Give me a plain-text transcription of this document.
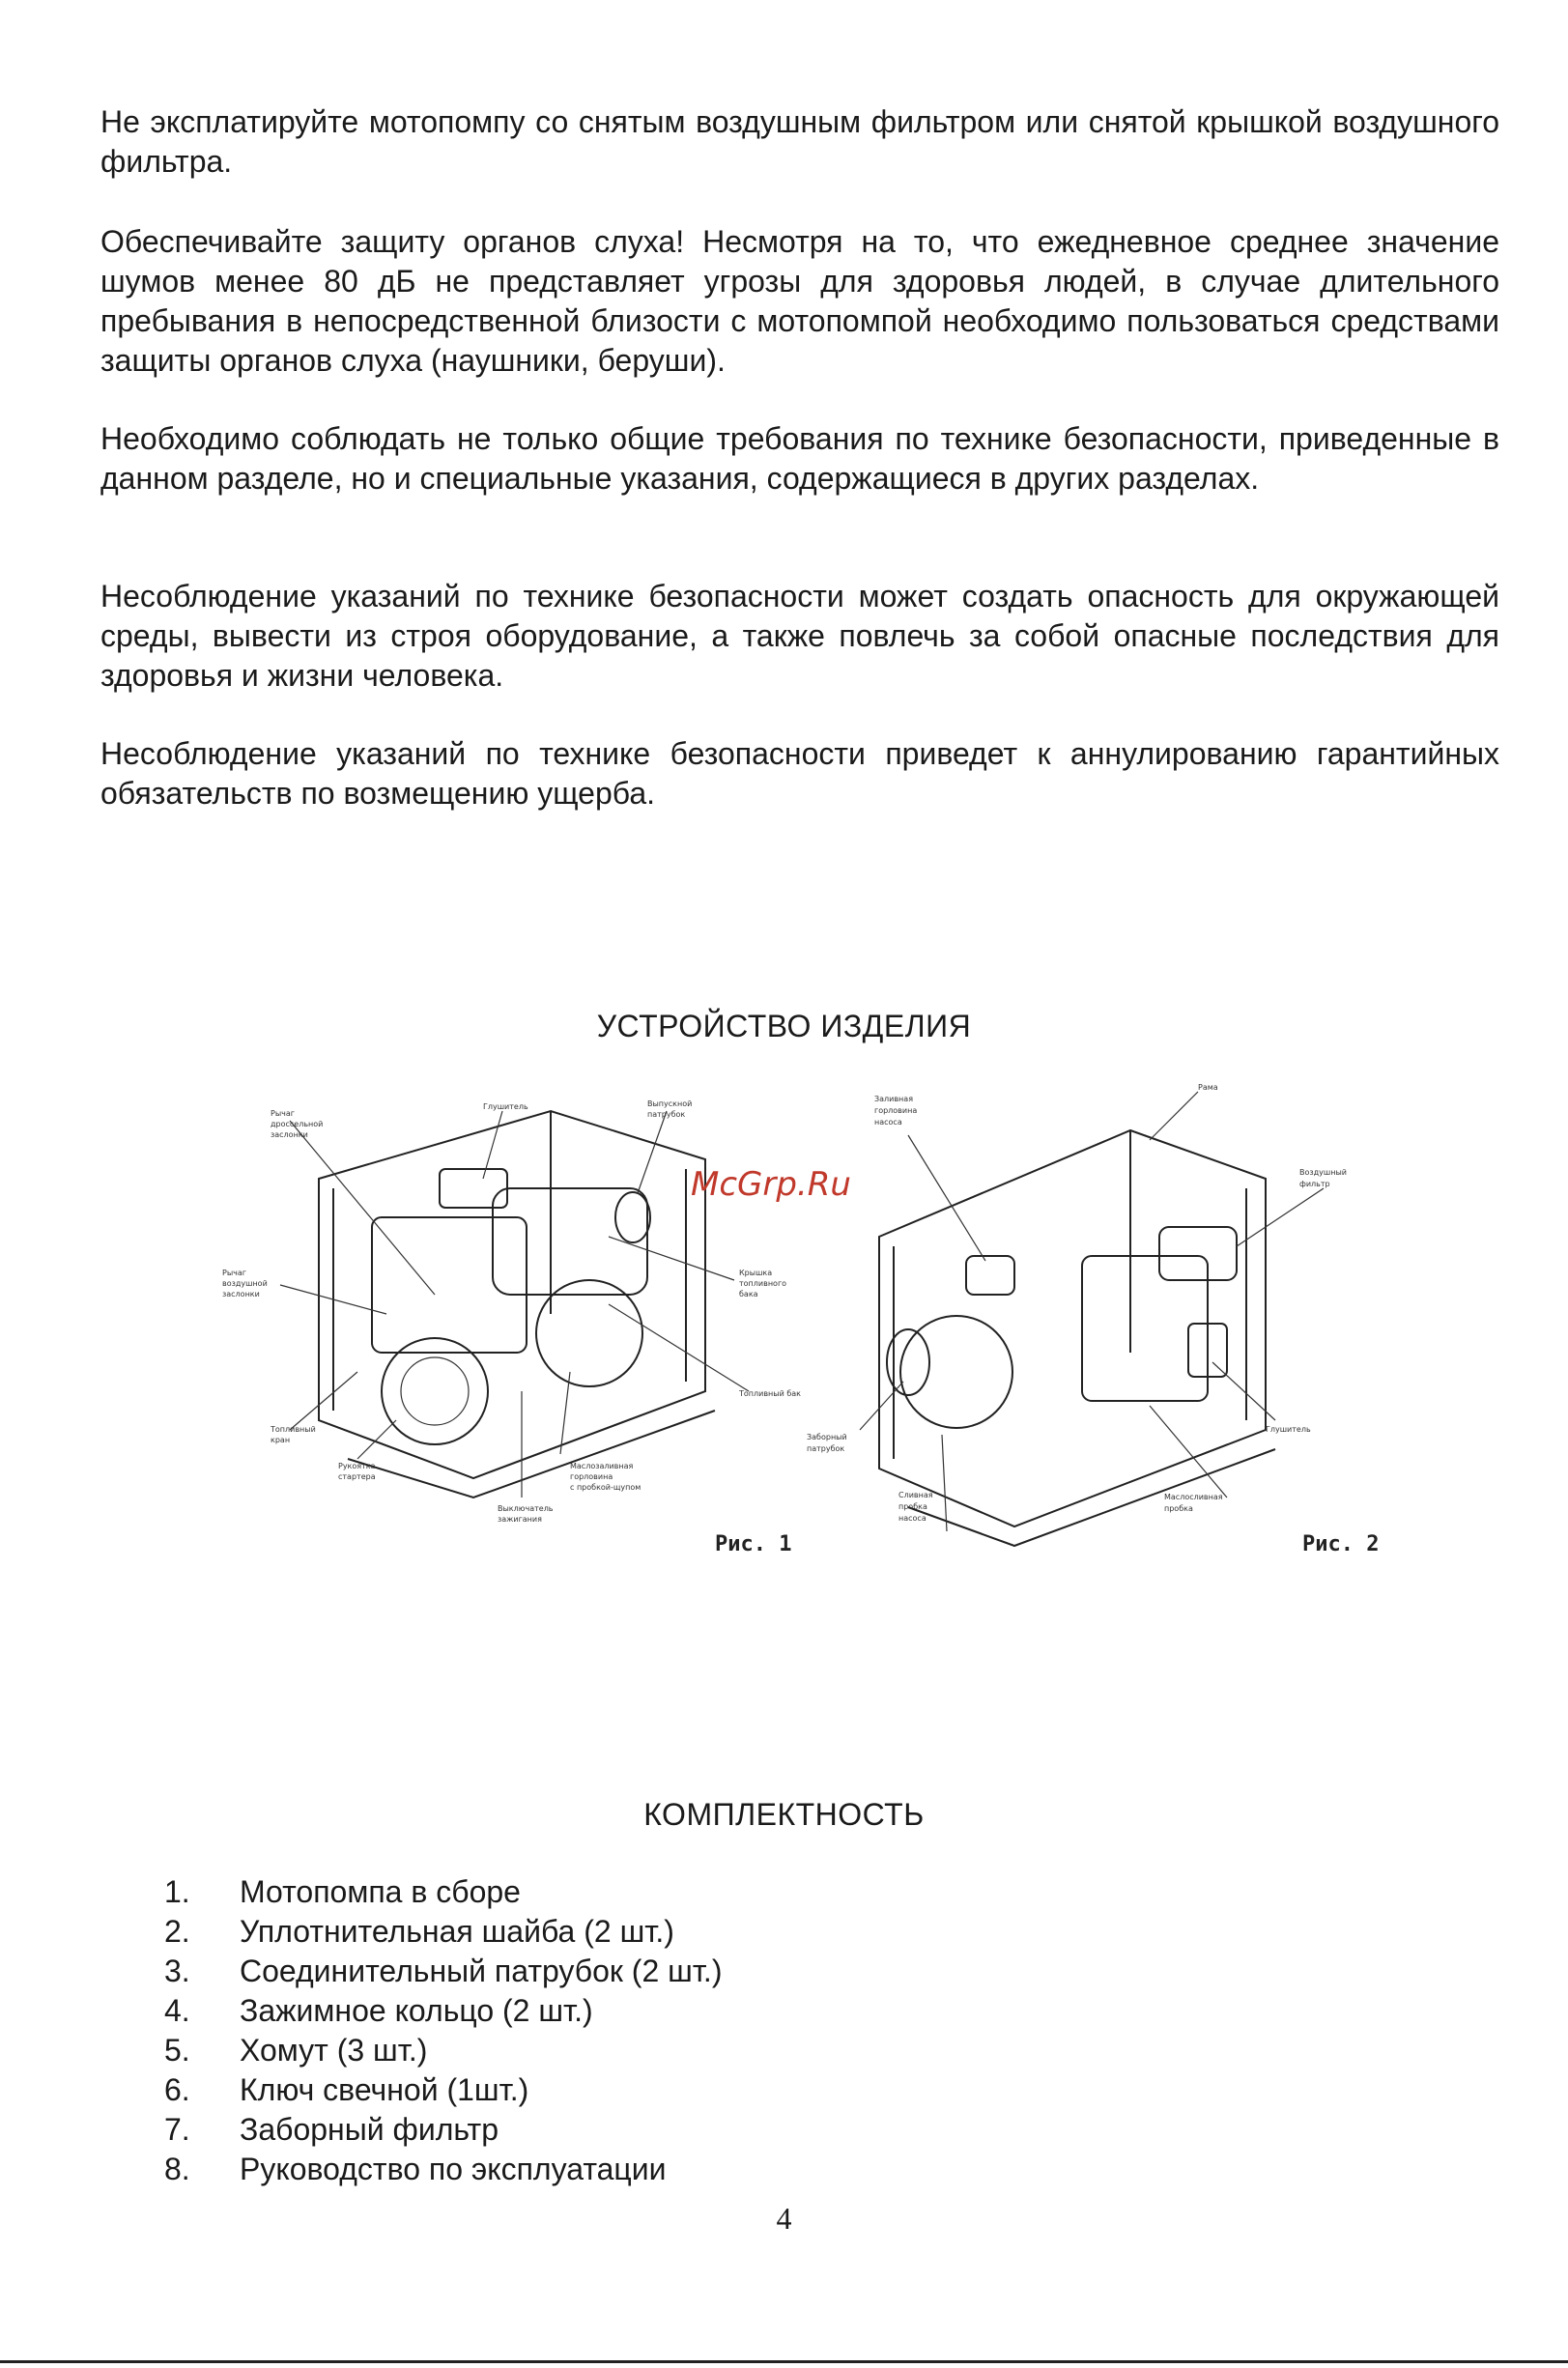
Не эксплатируйте мотопомпу со снятым воздушным фильтром или снятой крышкой воздушного фильтра.

Обеспечивайте защиту органов слуха! Несмотря на то, что ежедневное среднее значение шумов менее 80 дБ не представляет угрозы для здоровья людей, в случае длительного пребывания в непосредственной близости с мотопомпой необходимо пользоваться средствами защиты органов слуха (наушники, беруши).

Необходимо соблюдать не только общие требования по технике безопасности, приведенные в данном разделе, но и специальные указания, содержащиеся в других разделах.

Несоблюдение указаний по технике безопасности может создать опасность для окружающей среды, вывести из строя оборудование, а также повлечь за собой опасные последствия для здоровья и жизни человека.

Несоблюдение указаний по технике безопасности приведет к аннулированию гарантийных обязательств по возмещению ущерба.

УСТРОЙСТВО ИЗДЕЛИЯ
Рычаг
дроссельной
заслонки
Глушитель	Выпускной
патрубок
Рычаг
воздушной
заслонки
Крышка
топливного
бака
Топливный бак
Топливный
кран
Рукоятка
стартера
Маслозаливная
горловина
с пробкой-щупом
Выключатель
зажигания
Рис. 1
Заливная
горловина
насоса
Рама
Воздушный
фильтр
Заборный
патрубок
Сливная
пробка
насоса
Глушитель
Маслосливная
пробка
Рис. 2
McGrp.Ru
КОМПЛЕКТНОСТЬ
1.	Мотопомпа в сборе
2.	Уплотнительная шайба (2 шт.)
3.	Соединительный патрубок (2 шт.)
4.	Зажимное кольцо (2 шт.)
5.	Хомут (3 шт.)
6.	Ключ свечной (1шт.)
7.	Заборный фильтр
8.	Руководство по эксплуатации
4
